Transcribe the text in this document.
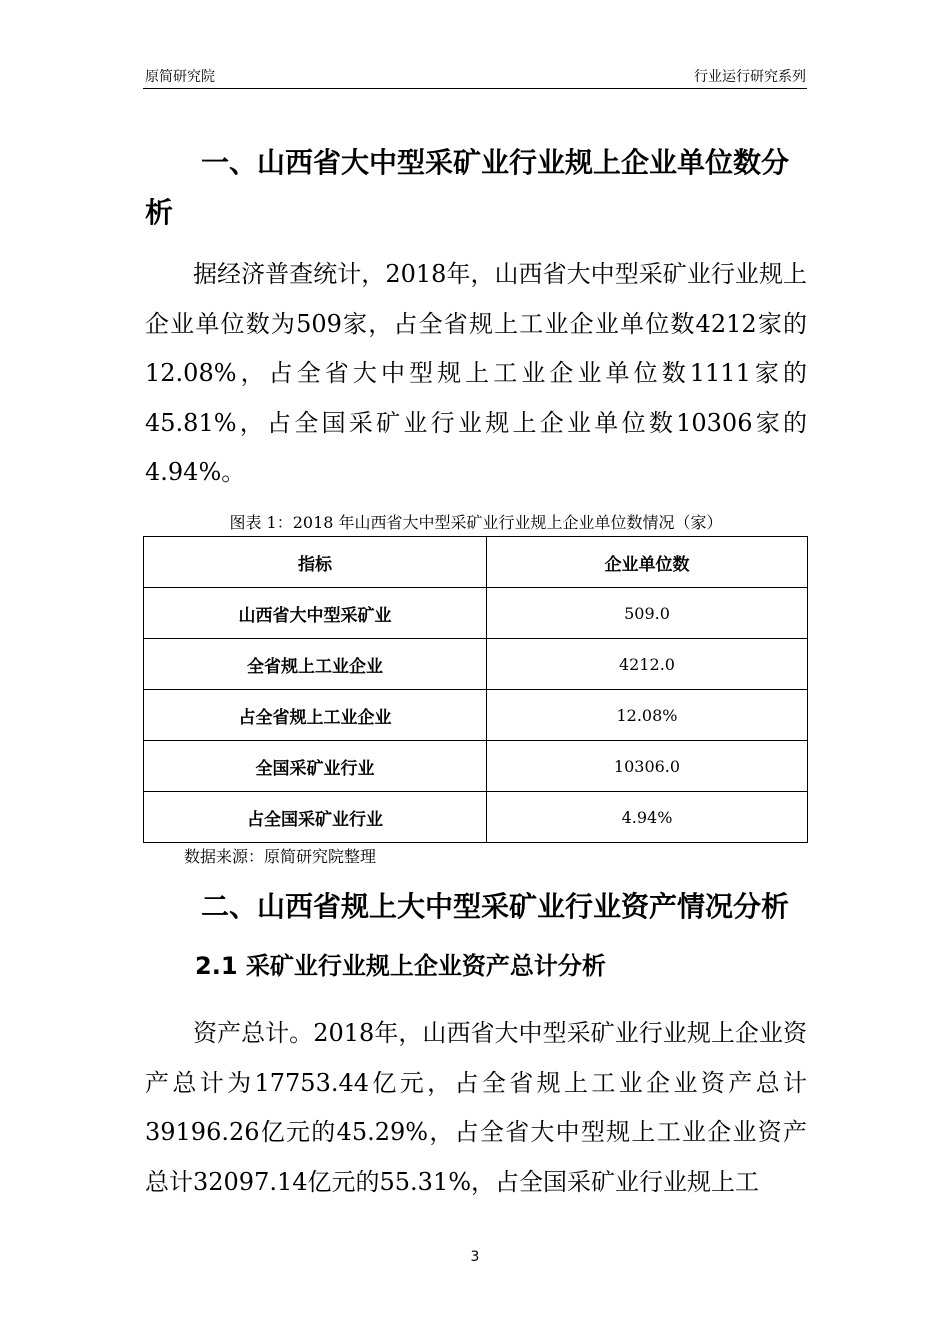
原简研究院	行业运行研究系列
一、山西省大中型采矿业行业规上企业单位数分析

据经济普查统计，2018年，山西省大中型采矿业行业规上企业单位数为509家，占全省规上工业企业单位数4212家的12.08%，占全省大中型规上工业企业单位数1111家的45.81%，占全国采矿业行业规上企业单位数10306家的4.94%。

图表 1：2018 年山西省大中型采矿业行业规上企业单位数情况（家）
指标	企业单位数
山西省大中型采矿业	509.0
全省规上工业企业	4212.0
占全省规上工业企业	12.08%
全国采矿业行业	10306.0
占全国采矿业行业	4.94%
数据来源：原简研究院整理
二、山西省规上大中型采矿业行业资产情况分析
2.1 采矿业行业规上企业资产总计分析

资产总计。2018年，山西省大中型采矿业行业规上企业资产总计为17753.44亿元，占全省规上工业企业资产总计39196.26亿元的45.29%，占全省大中型规上工业企业资产总计32097.14亿元的55.31%，占全国采矿业行业规上工

3
